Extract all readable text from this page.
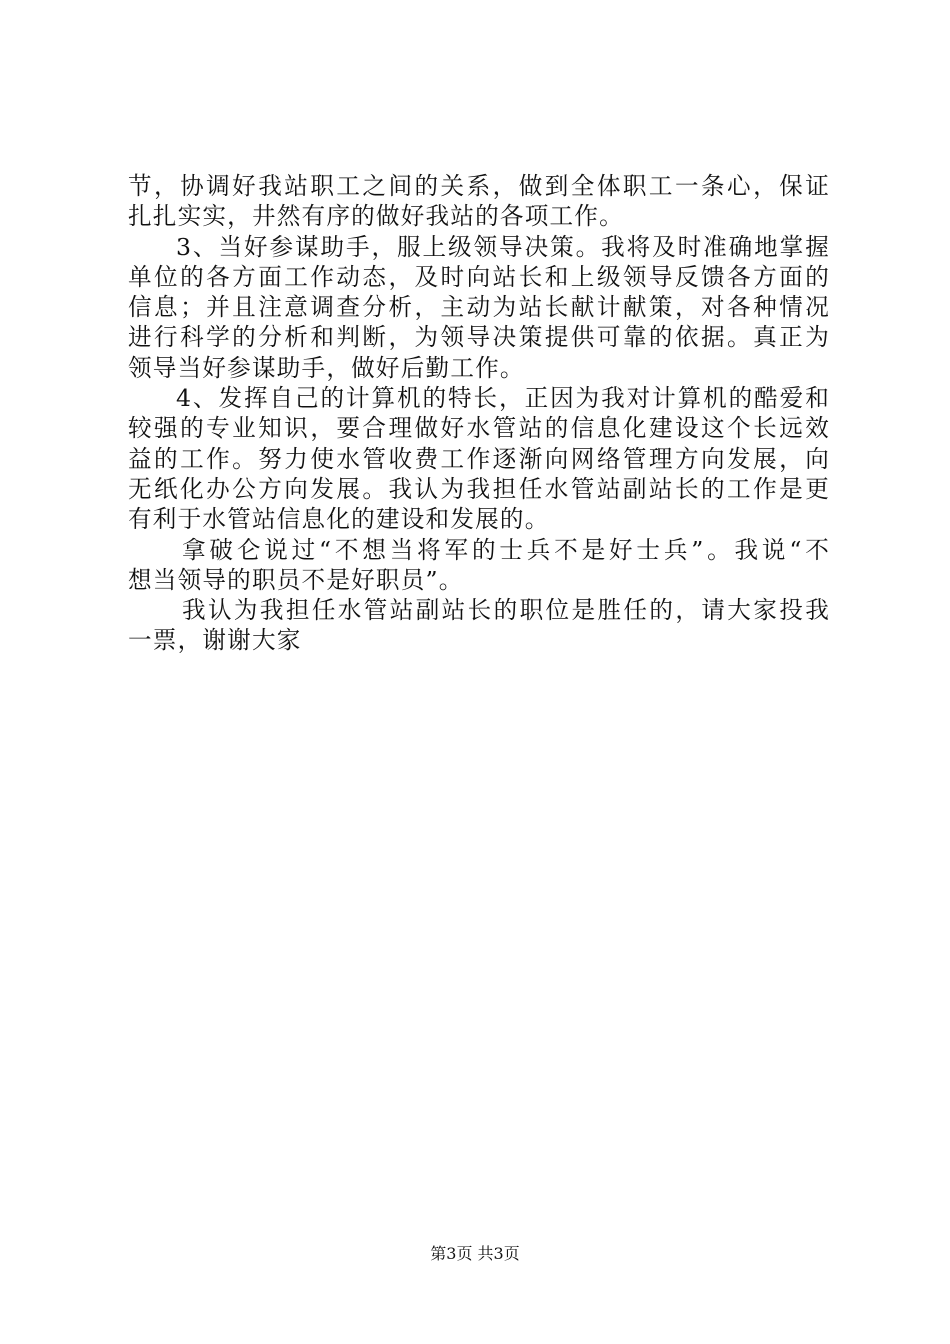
节，协调好我站职工之间的关系，做到全体职工一条心，保证
扎扎实实，井然有序的做好我站的各项工作。
3、当好参谋助手，服上级领导决策。我将及时准确地掌握
单位的各方面工作动态，及时向站长和上级领导反馈各方面的
信息；并且注意调查分析，主动为站长献计献策，对各种情况
进行科学的分析和判断，为领导决策提供可靠的依据。真正为
领导当好参谋助手，做好后勤工作。
4、发挥自己的计算机的特长，正因为我对计算机的酷爱和
较强的专业知识，要合理做好水管站的信息化建设这个长远效
益的工作。努力使水管收费工作逐渐向网络管理方向发展，向
无纸化办公方向发展。我认为我担任水管站副站长的工作是更
有利于水管站信息化的建设和发展的。
拿破仑说过“不想当将军的士兵不是好士兵”。我说“不
想当领导的职员不是好职员”。
我认为我担任水管站副站长的职位是胜任的，请大家投我
一票，谢谢大家
第3页 共3页
